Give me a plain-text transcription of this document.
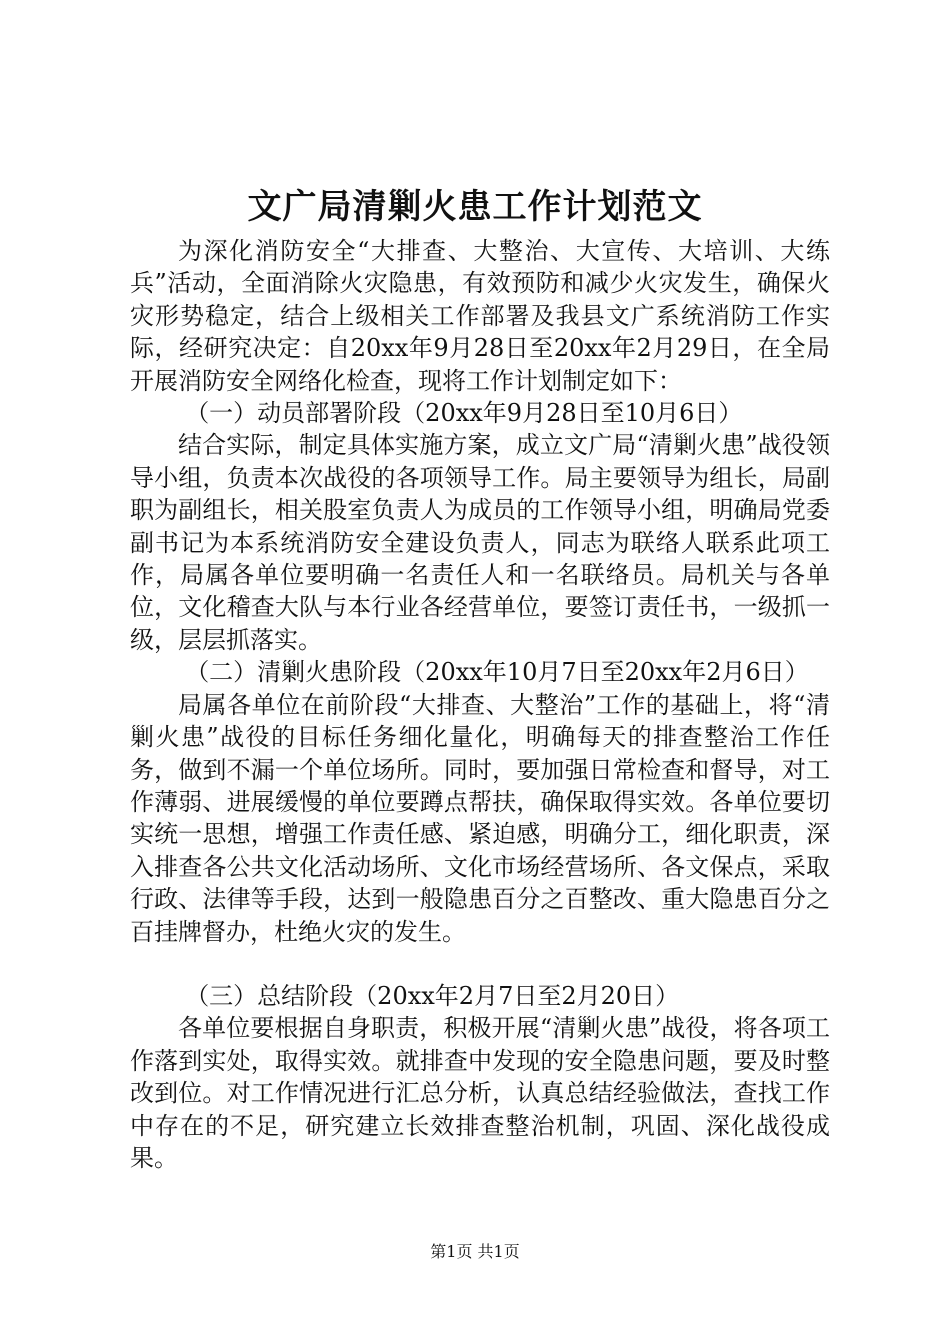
文广局清剿火患工作计划范文

为深化消防安全“大排查、大整治、大宣传、大培训、大练兵”活动，全面消除火灾隐患，有效预防和减少火灾发生，确保火灾形势稳定，结合上级相关工作部署及我县文广系统消防工作实际，经研究决定：自20xx年9月28日至20xx年2月29日，在全局开展消防安全网络化检查，现将工作计划制定如下：

（一）动员部署阶段（20xx年9月28日至10月6日）

结合实际，制定具体实施方案，成立文广局“清剿火患”战役领导小组，负责本次战役的各项领导工作。局主要领导为组长，局副职为副组长，相关股室负责人为成员的工作领导小组，明确局党委副书记为本系统消防安全建设负责人，同志为联络人联系此项工作，局属各单位要明确一名责任人和一名联络员。局机关与各单位，文化稽查大队与本行业各经营单位，要签订责任书，一级抓一级，层层抓落实。

（二）清剿火患阶段（20xx年10月7日至20xx年2月6日）

局属各单位在前阶段“大排查、大整治”工作的基础上，将“清剿火患”战役的目标任务细化量化，明确每天的排查整治工作任务，做到不漏一个单位场所。同时，要加强日常检查和督导，对工作薄弱、进展缓慢的单位要蹲点帮扶，确保取得实效。各单位要切实统一思想，增强工作责任感、紧迫感，明确分工，细化职责，深入排查各公共文化活动场所、文化市场经营场所、各文保点，采取行政、法律等手段，达到一般隐患百分之百整改、重大隐患百分之百挂牌督办，杜绝火灾的发生。

（三）总结阶段（20xx年2月7日至2月20日）

各单位要根据自身职责，积极开展“清剿火患”战役，将各项工作落到实处，取得实效。就排查中发现的安全隐患问题，要及时整改到位。对工作情况进行汇总分析，认真总结经验做法，查找工作中存在的不足，研究建立长效排查整治机制，巩固、深化战役成果。

第1页 共1页
